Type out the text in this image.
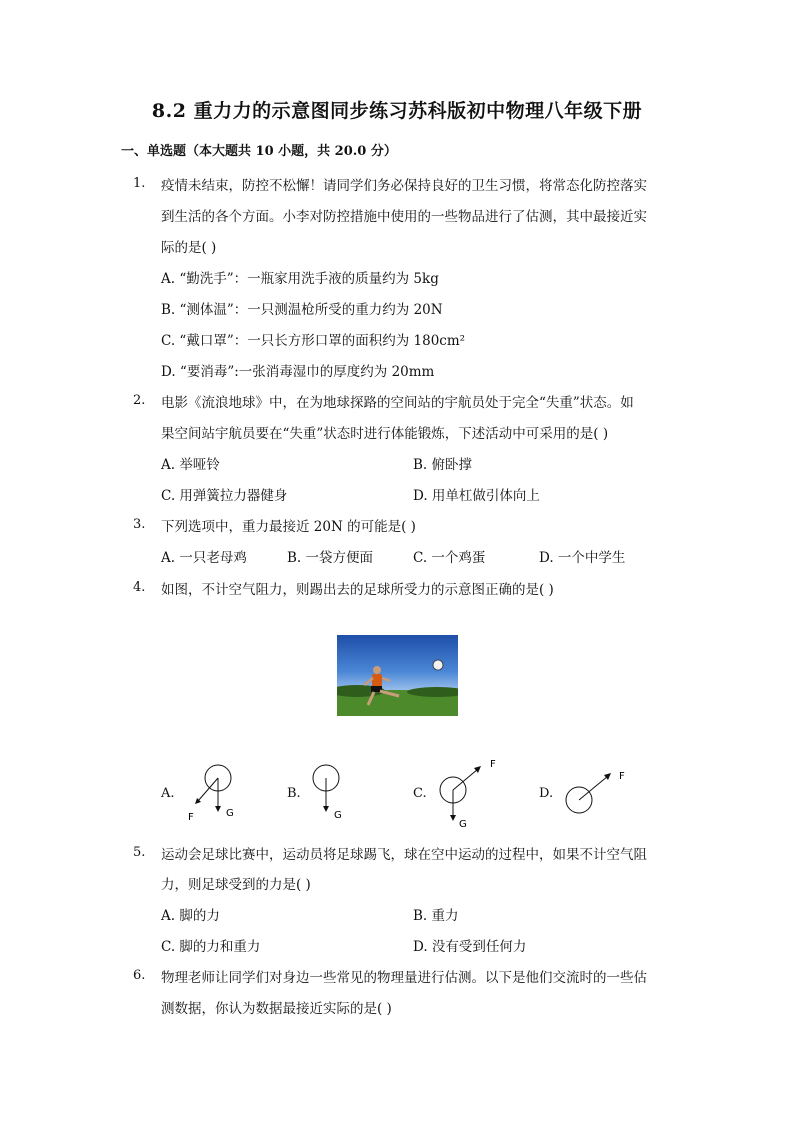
8.2 重力力的示意图同步练习苏科版初中物理八年级下册
一、单选题（本大题共 10 小题，共 20.0 分）
1. 疫情未结束，防控不松懈！请同学们务必保持良好的卫生习惯，将常态化防控落实
到生活的各个方面。小李对防控措施中使用的一些物品进行了估测，其中最接近实
际的是( )
A. “勤洗手”：一瓶家用洗手液的质量约为 5kg
B. “测体温”：一只测温枪所受的重力约为 20N
C. “戴口罩”：一只长方形口罩的面积约为 180cm²
D. “要消毒”:一张消毒湿巾的厚度约为 20mm
2. 电影《流浪地球》中，在为地球探路的空间站的宇航员处于完全“失重”状态。如
果空间站宇航员要在“失重”状态时进行体能锻炼，下述活动中可采用的是( )
A. 举哑铃	B. 俯卧撑
C. 用弹簧拉力器健身	D. 用单杠做引体向上
3. 下列选项中，重力最接近 20N 的可能是( )
A. 一只老母鸡	B. 一袋方便面	C. 一个鸡蛋	D. 一个中学生
4. 如图，不计空气阻力，则踢出去的足球所受力的示意图正确的是( )
A.
G
F
B.
G
C.
F
G
D.
F
5. 运动会足球比赛中，运动员将足球踢飞，球在空中运动的过程中，如果不计空气阻
力，则足球受到的力是( )
A. 脚的力	B. 重力
C. 脚的力和重力	D. 没有受到任何力
6. 物理老师让同学们对身边一些常见的物理量进行估测。以下是他们交流时的一些估
测数据，你认为数据最接近实际的是( )
